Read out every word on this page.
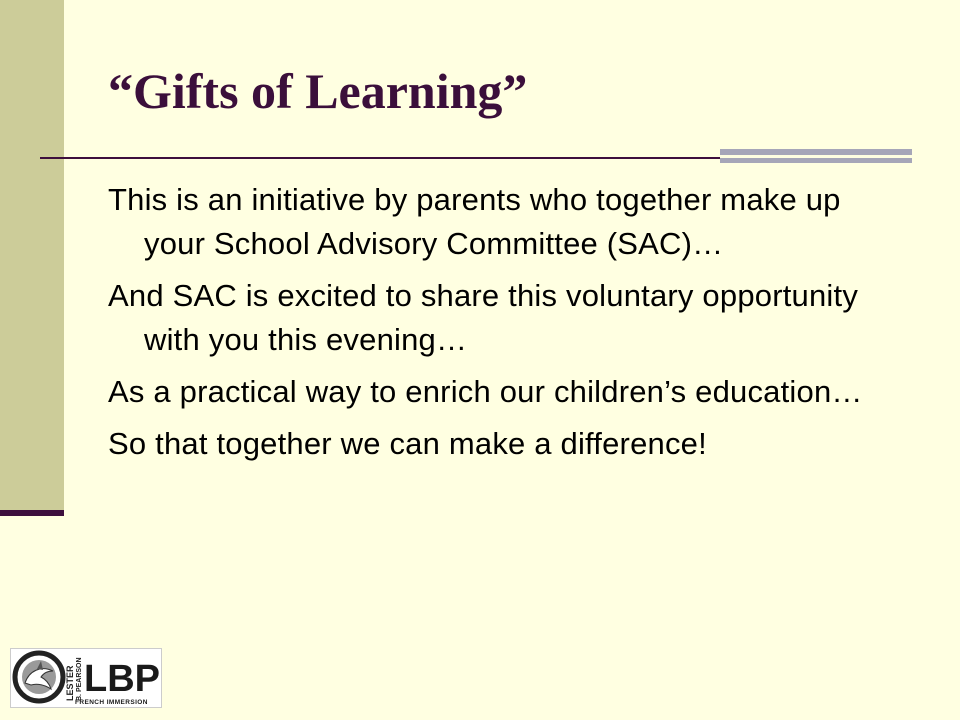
“Gifts of Learning”
This is an initiative by parents who together make up your School Advisory Committee (SAC)…
And SAC is excited to share this voluntary opportunity with you this evening…
As a practical way to enrich our children’s education…
So that together we can make a difference!
LESTER B. PEARSON LBP
FRENCH IMMERSION
